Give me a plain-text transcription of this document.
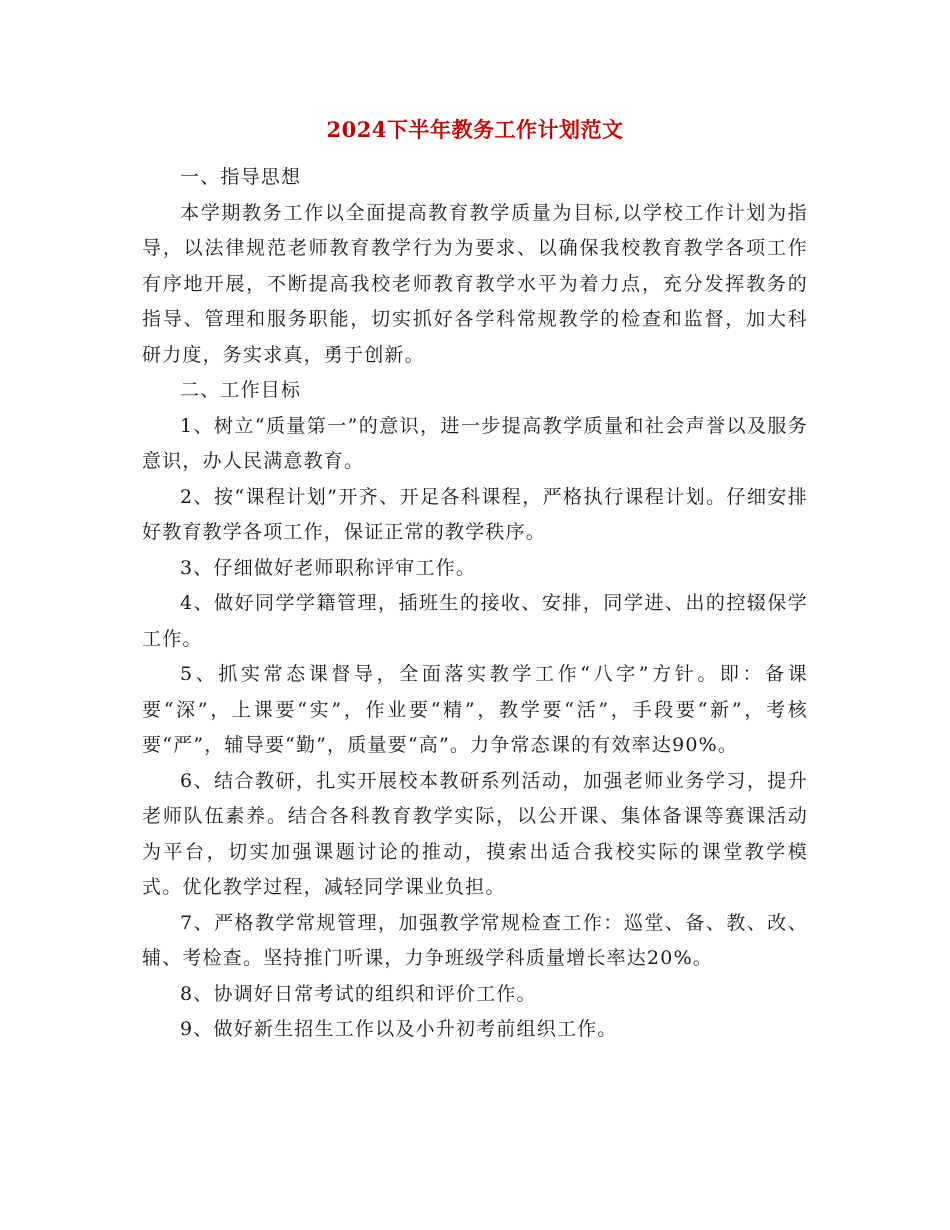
2024下半年教务工作计划范文

一、指导思想

本学期教务工作以全面提高教育教学质量为目标,以学校工作计划为指导，以法律规范老师教育教学行为为要求、以确保我校教育教学各项工作有序地开展，不断提高我校老师教育教学水平为着力点，充分发挥教务的指导、管理和服务职能，切实抓好各学科常规教学的检查和监督，加大科研力度，务实求真，勇于创新。

二、工作目标

1、树立“质量第一”的意识，进一步提高教学质量和社会声誉以及服务意识，办人民满意教育。

2、按“课程计划”开齐、开足各科课程，严格执行课程计划。仔细安排好教育教学各项工作，保证正常的教学秩序。

3、仔细做好老师职称评审工作。

4、做好同学学籍管理，插班生的接收、安排，同学进、出的控辍保学工作。

5、抓实常态课督导，全面落实教学工作“八字”方针。即：备课要“深”，上课要“实”，作业要“精”，教学要“活”，手段要“新”，考核要“严”，辅导要“勤”，质量要“高”。力争常态课的有效率达90%。

6、结合教研，扎实开展校本教研系列活动，加强老师业务学习，提升老师队伍素养。结合各科教育教学实际，以公开课、集体备课等赛课活动为平台，切实加强课题讨论的推动，摸索出适合我校实际的课堂教学模式。优化教学过程，减轻同学课业负担。

7、严格教学常规管理，加强教学常规检查工作：巡堂、备、教、改、辅、考检查。坚持推门听课，力争班级学科质量增长率达20%。

8、协调好日常考试的组织和评价工作。

9、做好新生招生工作以及小升初考前组织工作。
